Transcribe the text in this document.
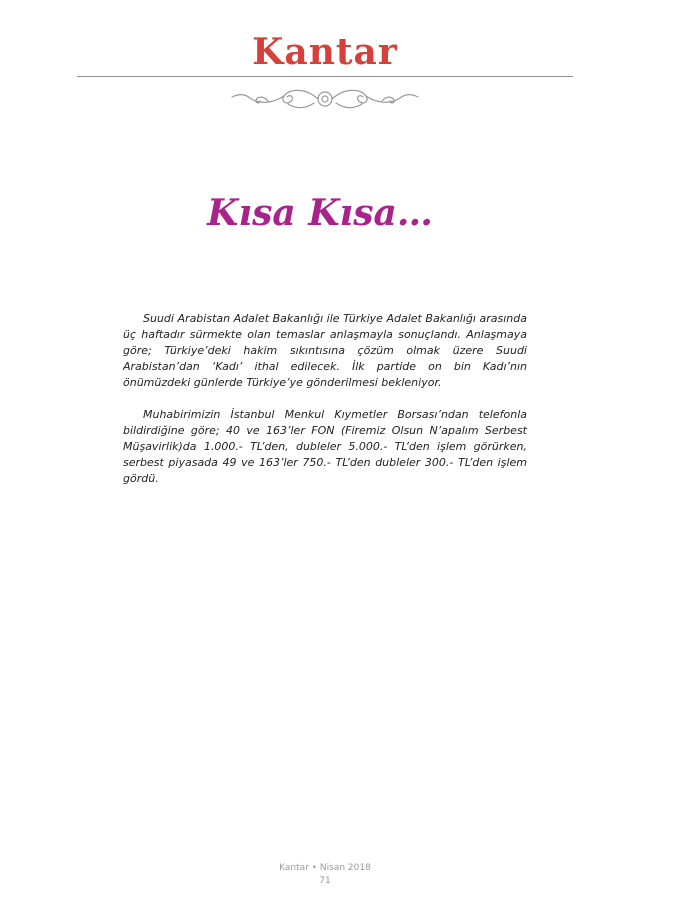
Kantar
Kısa Kısa…

Suudi Arabistan Adalet Bakanlığı ile Türkiye Adalet Bakanlığı arasında üç haftadır sürmekte olan temaslar anlaşmayla sonuçlandı. Anlaşmaya göre; Türkiye’deki hakim sıkıntısına çözüm olmak üzere Suudi Arabistan’dan ‘Kadı’ ithal edilecek. İlk partide on bin Kadı’nın önümüzdeki günlerde Türkiye’ye gönderilmesi bekleniyor.

Muhabirimizin İstanbul Menkul Kıymetler Borsası’ndan telefonla bildirdiğine göre; 40 ve 163’ler FON (Firemiz Olsun N’apalım Serbest Müşavirlik)da 1.000.- TL’den, dubleler 5.000.- TL’den işlem görürken, serbest piyasada 49 ve 163’ler 750.- TL’den dubleler 300.- TL’den işlem gördü.

Kantar • Nisan 2018
71
